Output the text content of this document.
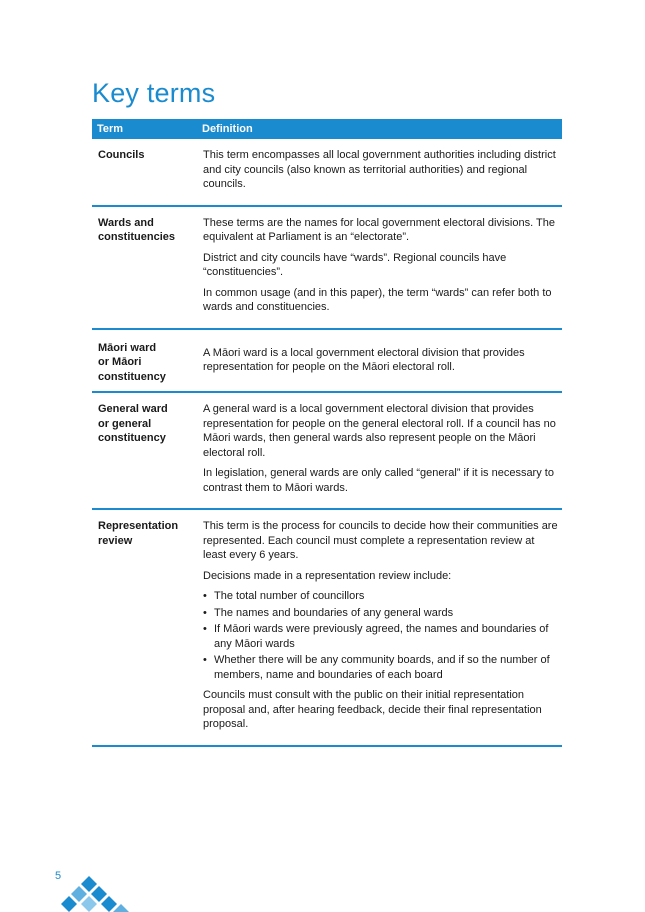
Key terms
Term	Definition
Councils	This term encompasses all local government authorities including district and city councils (also known as territorial authorities) and regional councils.

Wards and
constituencies

These terms are the names for local government electoral divisions. The equivalent at Parliament is an “electorate”.

District and city councils have “wards”. Regional councils have “constituencies”.

In common usage (and in this paper), the term “wards” can refer both to wards and constituencies.

Māori ward
or Māori
constituency

A Māori ward is a local government electoral division that provides representation for people on the Māori electoral roll.

General ward
or general
constituency

A general ward is a local government electoral division that provides representation for people on the general electoral roll. If a council has no Māori wards, then general wards also represent people on the Māori electoral roll.

In legislation, general wards are only called “general” if it is necessary to contrast them to Māori wards.

Representation
review

This term is the process for councils to decide how their communities are represented. Each council must complete a representation review at least every 6 years.

Decisions made in a representation review include:

• The total number of councillors
• The names and boundaries of any general wards
• If Māori wards were previously agreed, the names and boundaries of any Māori wards
• Whether there will be any community boards, and if so the number of members, name and boundaries of each board

Councils must consult with the public on their initial representation proposal and, after hearing feedback, decide their final representation proposal.

5
